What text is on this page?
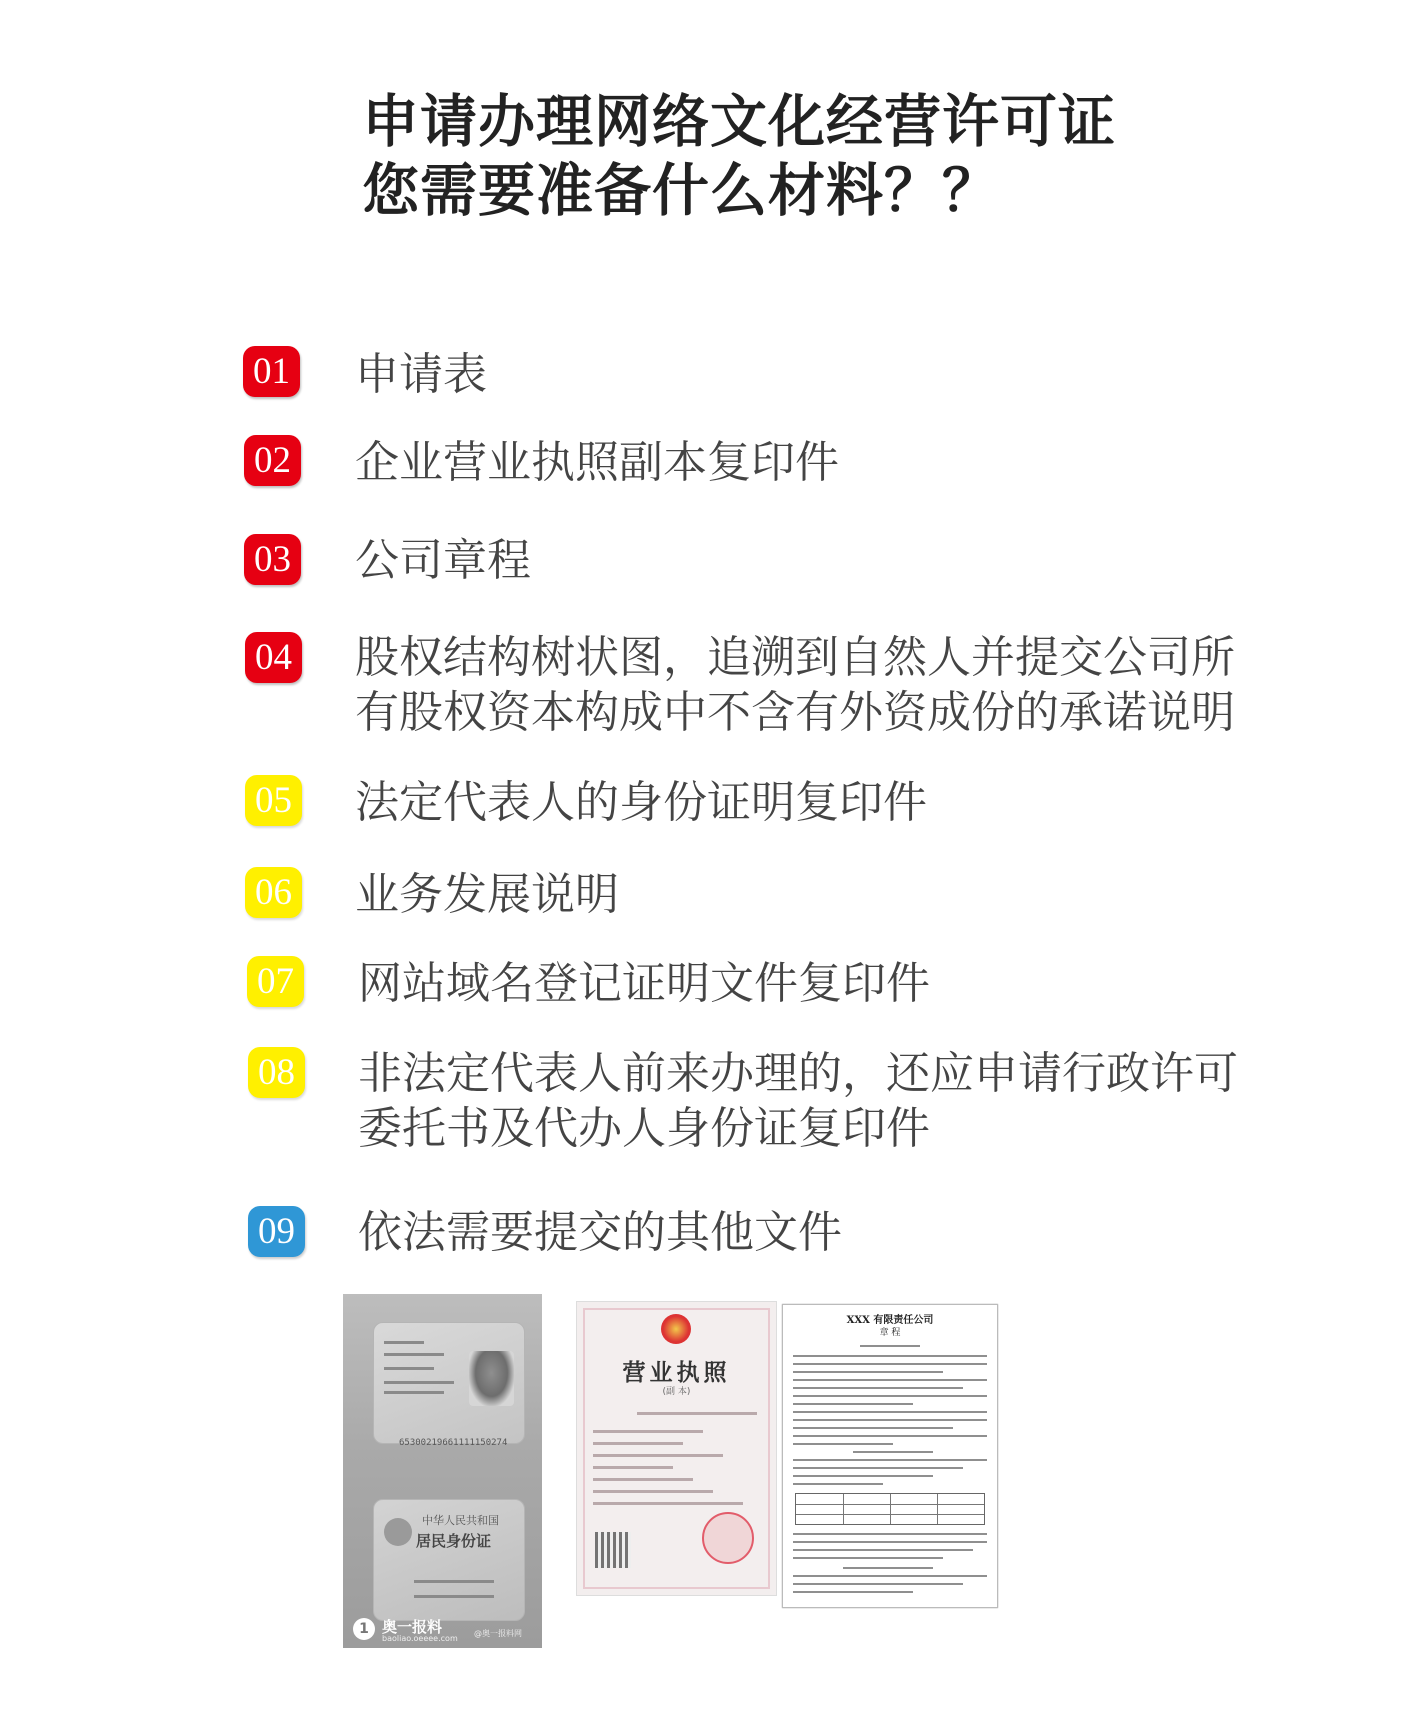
申请办理网络文化经营许可证
您需要准备什么材料？？
01 申请表
02 企业营业执照副本复印件
03 公司章程
04 股权结构树状图，追溯到自然人并提交公司所
有股权资本构成中不含有外资成份的承诺说明
05 法定代表人的身份证明复印件
06 业务发展说明
07 网站域名登记证明文件复印件
08 非法定代表人前来办理的，还应申请行政许可
委托书及代办人身份证复印件
09 依法需要提交的其他文件
65300219661111150274
中华人民共和国
居民身份证
1 奥一报料
baoliao.oeeee.com
@奥一报料网
营业执照
(副 本)
XXX 有限责任公司
章 程
